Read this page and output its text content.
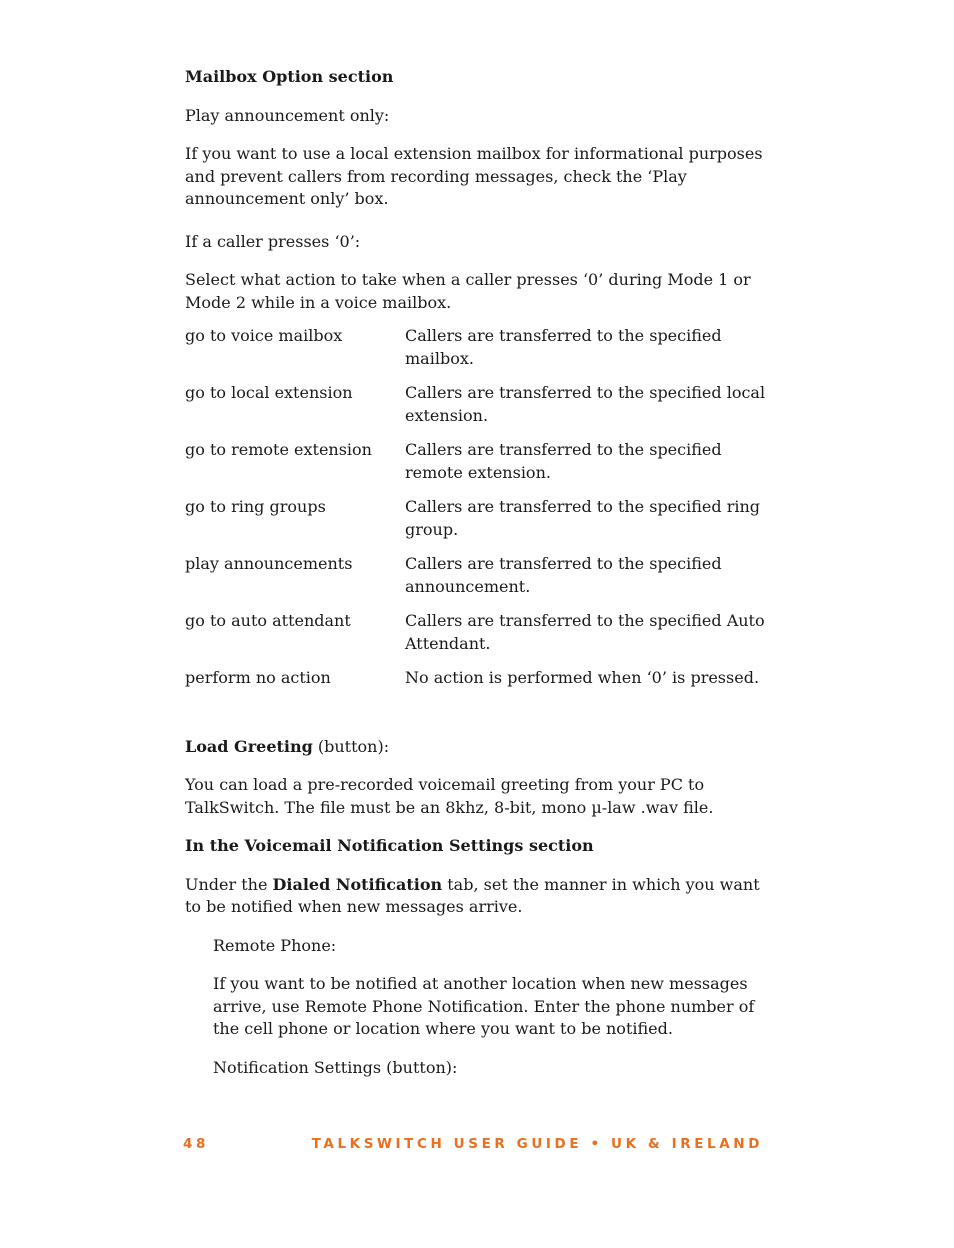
Mailbox Option section

Play announcement only:

If you want to use a local extension mailbox for informational purposes and prevent callers from recording messages, check the ‘Play announcement only’ box.

If a caller presses ‘0’:

Select what action to take when a caller presses ‘0’ during Mode 1 or Mode 2 while in a voice mailbox.

go to voice mailbox	Callers are transferred to the specified mailbox.
go to local extension	Callers are transferred to the specified local extension.
go to remote extension	Callers are transferred to the specified remote extension.
go to ring groups	Callers are transferred to the specified ring group.
play announcements	Callers are transferred to the specified announcement.
go to auto attendant	Callers are transferred to the specified Auto Attendant.
perform no action	No action is performed when ‘0’ is pressed.

Load Greeting (button):

You can load a pre-recorded voicemail greeting from your PC to TalkSwitch. The file must be an 8khz, 8-bit, mono µ-law .wav file.

In the Voicemail Notification Settings section

Under the Dialed Notification tab, set the manner in which you want to be notified when new messages arrive.

Remote Phone:

If you want to be notified at another location when new messages arrive, use Remote Phone Notification. Enter the phone number of the cell phone or location where you want to be notified.

Notification Settings (button):

48	TALKSWITCH USER GUIDE • UK & IRELAND
